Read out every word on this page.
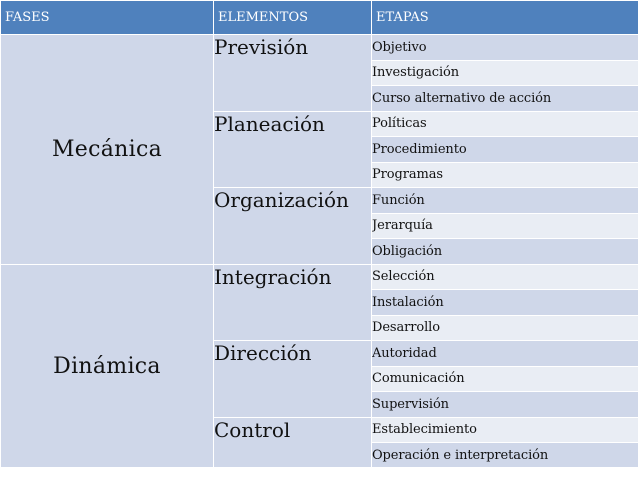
FASES	ELEMENTOS	ETAPAS
Mecánica	Previsión	Objetivo
		Investigación
		Curso alternativo de acción
	Planeación	Políticas
		Procedimiento
		Programas
	Organización	Función
		Jerarquía
		Obligación
Dinámica	Integración	Selección
		Instalación
		Desarrollo
	Dirección	Autoridad
		Comunicación
		Supervisión
	Control	Establecimiento
		Operación e interpretación
